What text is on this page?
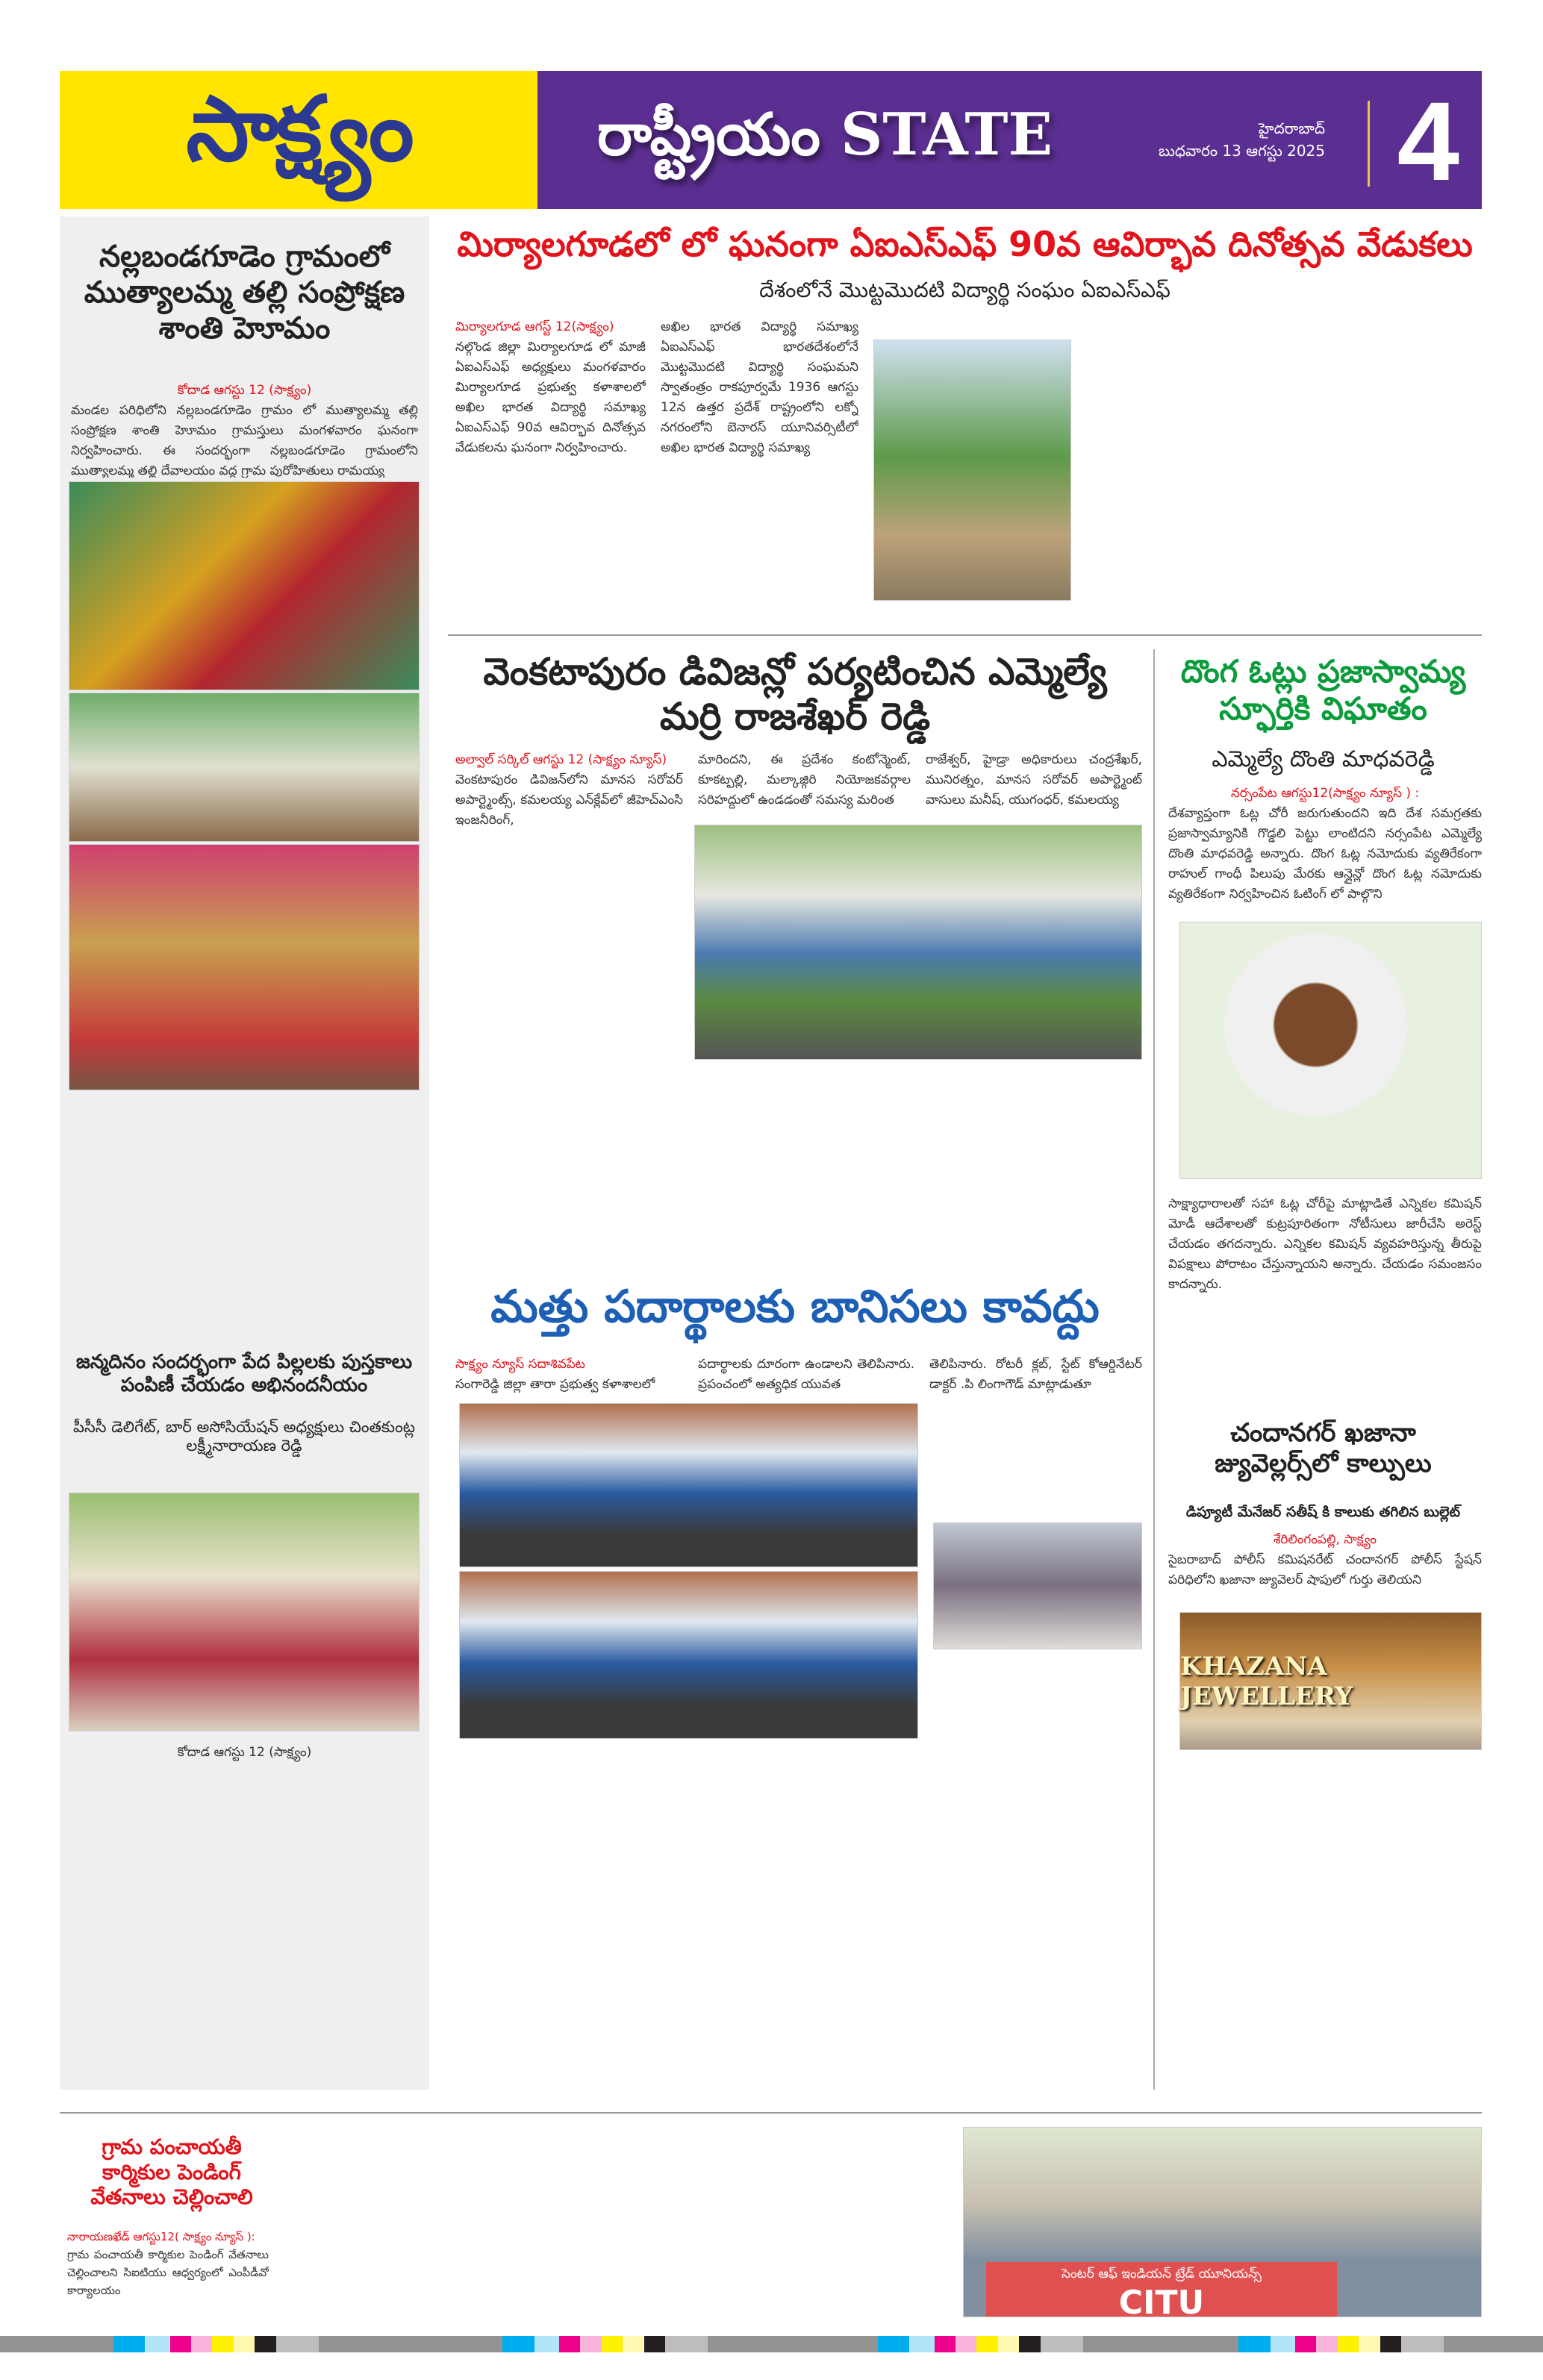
సాక్ష్యం	రాష్ట్రీయం STATE	హైదరాబాద్
బుధవారం 13 ఆగస్టు 2025 4
నల్లబండగూడెం గ్రామంలో ముత్యాలమ్మ తల్లి సంప్రోక్షణ శాంతి హెూమం
కోదాడ ఆగస్టు 12 (సాక్ష్యం)
మండల పరిధిలోని నల్లబండగూడెం గ్రామం లో ముత్యాలమ్మ తల్లి సంప్రోక్షణ శాంతి హెూమం గ్రామస్తులు మంగళవారం ఘనంగా నిర్వహించారు. ఈ సందర్భంగా నల్లబండగూడెం గ్రామంలోని ముత్యాలమ్మ తల్లి దేవాలయం వద్ద గ్రామ పురోహితులు రామయ్య
జన్మదినం సందర్భంగా పేద పిల్లలకు పుస్తకాలు పంపిణీ చేయడం అభినందనీయం
పీసీసీ డెలిగేట్, బార్ అసోసియేషన్ అధ్యక్షులు చింతకుంట్ల లక్ష్మీనారాయణ రెడ్డి
కోదాడ ఆగస్టు 12 (సాక్ష్యం)
మిర్యాలగూడలో లో ఘనంగా ఏఐఎస్ఎఫ్ 90వ ఆవిర్భావ దినోత్సవ వేడుకలు
దేశంలోనే మొట్టమొదటి విద్యార్థి సంఘం ఏఐఎస్ఎఫ్
మిర్యాలగూడ ఆగస్ట్ 12(సాక్ష్యం)
నల్గొండ జిల్లా మిర్యాలగూడ లో మాజీ ఏఐఎస్ఎఫ్ అధ్యక్షులు మంగళవారం మిర్యాలగూడ ప్రభుత్వ కళాశాలలో అఖిల భారత విద్యార్థి సమాఖ్య ఏఐఎస్ఎఫ్ 90వ ఆవిర్భావ దినోత్సవ వేడుకలను ఘనంగా నిర్వహించారు.
అఖిల భారత విద్యార్థి సమాఖ్య ఏఐఎస్ఎఫ్ భారతదేశంలోనే మొట్టమొదటి విద్యార్థి సంఘమని స్వాతంత్రం రాకపూర్వమే 1936 ఆగస్టు 12న ఉత్తర ప్రదేశ్ రాష్ట్రంలోని లక్నో నగరంలోని బెనారస్ యూనివర్సిటీలో అఖిల భారత విద్యార్థి సమాఖ్య
వెంకటాపురం డివిజన్లో పర్యటించిన ఎమ్మెల్యే మర్రి రాజశేఖర్ రెడ్డి
అల్వాల్ సర్కిల్ ఆగస్టు 12 (సాక్ష్యం న్యూస్)
వెంకటాపురం డివిజన్‌లోని మానస సరోవర్ అపార్ట్మెంట్స్, కమలయ్య ఎన్‌క్లేవ్‌లో జీహెచ్ఎంసి ఇంజనీరింగ్,
మారిందని, ఈ ప్రదేశం కంటోన్మెంట్, కూకట్పల్లి, మల్కాజ్గిరి నియోజకవర్గాల సరిహద్దులో ఉండడంతో సమస్య మరింత
రాజేశ్వర్, హైడ్రా అధికారులు చంద్రశేఖర్, మునిరత్నం, మానస సరోవర్ అపార్ట్మెంట్ వాసులు మనీష్, యుగంధర్, కమలయ్య
దొంగ ఓట్లు ప్రజాస్వామ్య స్ఫూర్తికి విఘాతం
ఎమ్మెల్యే దొంతి మాధవరెడ్డి
నర్సంపేట ఆగస్టు12(సాక్ష్యం న్యూస్ ) :
దేశవ్యాప్తంగా ఓట్ల చోరీ జరుగుతుందని ఇది దేశ సమగ్రతకు ప్రజాస్వామ్యానికి గొడ్డలి పెట్టు లాంటిదని నర్సంపేట ఎమ్మెల్యే దొంతి మాధవరెడ్డి అన్నారు. దొంగ ఓట్ల నమోదుకు వ్యతిరేకంగా రాహుల్ గాంధీ పిలుపు మేరకు ఆన్లైన్లో దొంగ ఓట్ల నమోదుకు వ్యతిరేకంగా నిర్వహించిన ఓటింగ్ లో పాల్గొని
సాక్ష్యాధారాలతో సహా ఓట్ల చోరీపై మాట్లాడితే ఎన్నికల కమిషన్ మోడీ ఆదేశాలతో కుట్రపూరితంగా నోటీసులు జారీచేసి అరెస్ట్ చేయడం తగదన్నారు. ఎన్నికల కమిషన్ వ్యవహరిస్తున్న తీరుపై విపక్షాలు పోరాటం చేస్తున్నాయని అన్నారు. చేయడం సమంజసం కాదన్నారు.
చందానగర్ ఖజానా జ్యువెల్లర్స్‌లో కాల్పులు
డిప్యూటీ మేనేజర్ సతీష్ కి కాలుకు తగిలిన బుల్లెట్
శేరిలింగంపల్లి, సాక్ష్యం
సైబరాబాద్ పోలీస్ కమిషనరేట్ చందానగర్ పోలీస్ స్టేషన్ పరిధిలోని ఖజానా జ్యువెలర్ షాపులో గుర్తు తెలియని
KHAZANA JEWELLERY
మత్తు పదార్థాలకు బానిసలు కావద్దు
సాక్ష్యం న్యూస్ సదాశివపేట
సంగారెడ్డి జిల్లా తారా ప్రభుత్వ కళాశాలలో
పదార్థాలకు దూరంగా ఉండాలని తెలిపినారు. ప్రపంచంలో అత్యధిక యువత
తెలిపినారు. రోటరీ క్లబ్, స్టేట్ కోఆర్డినేటర్ డాక్టర్ .పి లింగాగౌడ్ మాట్లాడుతూ
గ్రామ పంచాయతీ కార్మికుల పెండింగ్ వేతనాలు చెల్లించాలి
నారాయణఖేడ్ ఆగస్టు12( సాక్ష్యం న్యూస్ ):
గ్రామ పంచాయతీ కార్మికుల పెండింగ్ వేతనాలు చెల్లించాలని సిఐటియు ఆధ్వర్యంలో ఎంపీడీవో కార్యాలయం
సెంటర్ ఆఫ్ ఇండియన్ ట్రేడ్ యూనియన్స్
CITU
